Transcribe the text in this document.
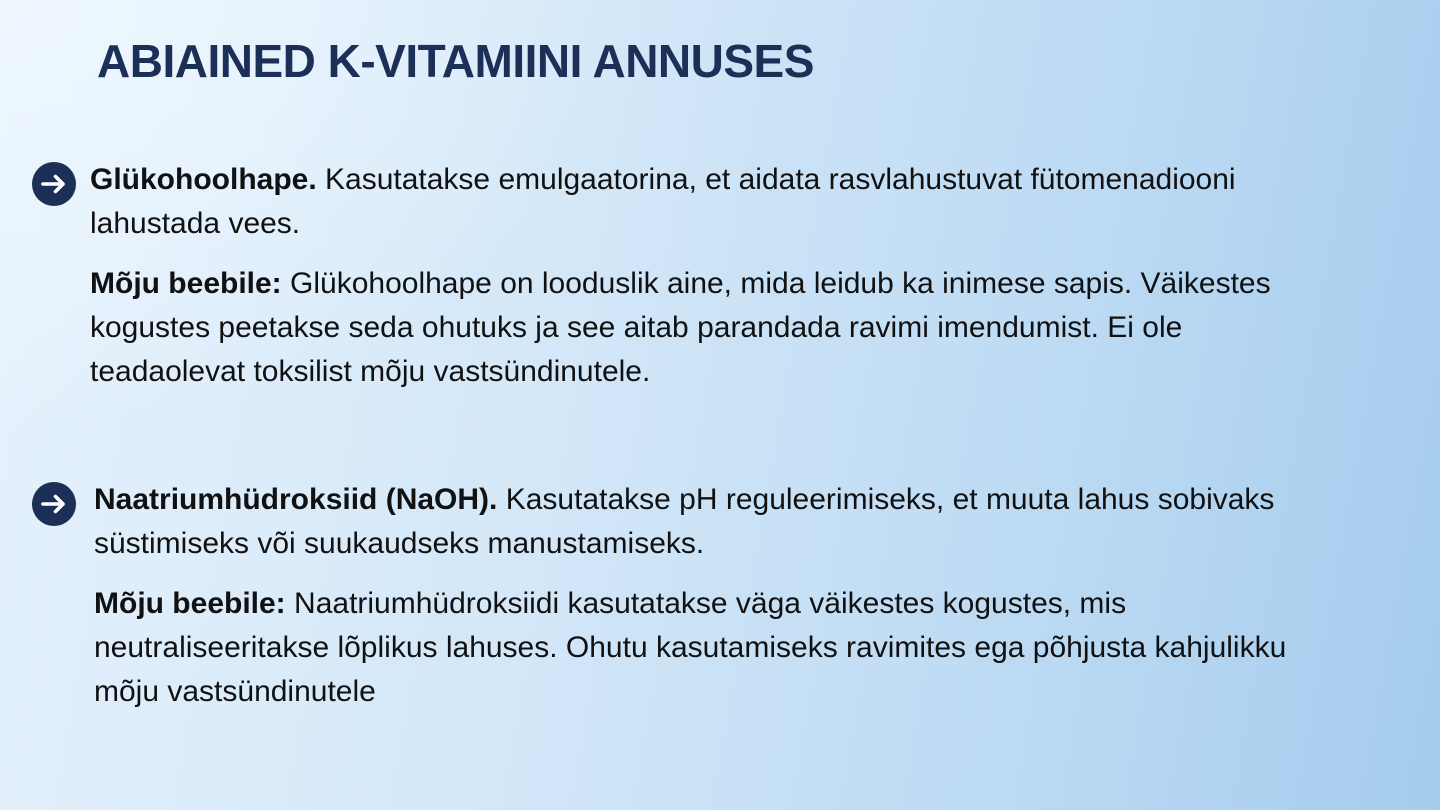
ABIAINED K-VITAMIINI ANNUSES

Glükohoolhape. Kasutatakse emulgaatorina, et aidata rasvlahustuvat fütomenadiooni lahustada vees.

Mõju beebile: Glükohoolhape on looduslik aine, mida leidub ka inimese sapis. Väikestes kogustes peetakse seda ohutuks ja see aitab parandada ravimi imendumist. Ei ole teadaolevat toksilist mõju vastsündinutele.

Naatriumhüdroksiid (NaOH). Kasutatakse pH reguleerimiseks, et muuta lahus sobivaks süstimiseks või suukaudseks manustamiseks.

Mõju beebile: Naatriumhüdroksiidi kasutatakse väga väikestes kogustes, mis neutraliseeritakse lõplikus lahuses. Ohutu kasutamiseks ravimites ega põhjusta kahjulikku mõju vastsündinutele
